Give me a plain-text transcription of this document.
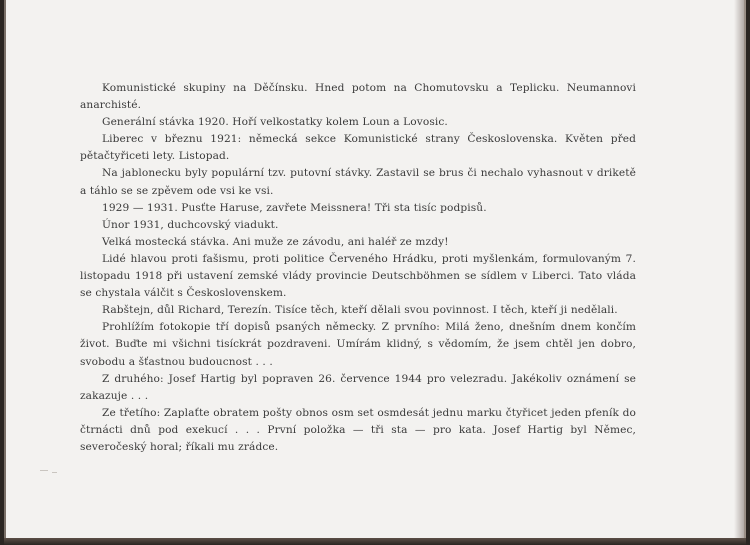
Komunistické skupiny na Děčínsku. Hned potom na Chomutovsku a Teplicku. Neumannovi anarchisté.

Generální stávka 1920. Hoří velkostatky kolem Loun a Lovosic.

Liberec v březnu 1921: německá sekce Komunistické strany Československa. Květen před pětačtyřiceti lety. Listopad.

Na jablonecku byly populární tzv. putovní stávky. Zastavil se brus či nechalo vyhasnout v driketě a táhlo se se zpěvem ode vsi ke vsi.

1929 — 1931. Pusťte Haruse, zavřete Meissnera! Tři sta tisíc podpisů.

Únor 1931, duchcovský viadukt.

Velká mostecká stávka. Ani muže ze závodu, ani haléř ze mzdy!

Lidé hlavou proti fašismu, proti politice Červeného Hrádku, proti myšlenkám, formulovaným 7. listopadu 1918 při ustavení zemské vlády provincie Deutschböhmen se sídlem v Liberci. Tato vláda se chystala válčit s Československem.

Rabštejn, důl Richard, Terezín. Tisíce těch, kteří dělali svou povinnost. I těch, kteří ji nedělali.

Prohlížím fotokopie tří dopisů psaných německy. Z prvního: Milá ženo, dnešním dnem končím život. Buďte mi všichni tisíckrát pozdraveni. Umírám klidný, s vědomím, že jsem chtěl jen dobro, svobodu a šťastnou budoucnost . . .

Z druhého: Josef Hartig byl popraven 26. července 1944 pro velezradu. Jakékoliv oznámení se zakazuje . . .

Ze třetího: Zaplaťte obratem pošty obnos osm set osmdesát jednu marku čtyřicet jeden pfeník do čtrnácti dnů pod exekucí . . . První položka — tři sta — pro kata. Josef Hartig byl Němec, severočeský horal; říkali mu zrádce.
